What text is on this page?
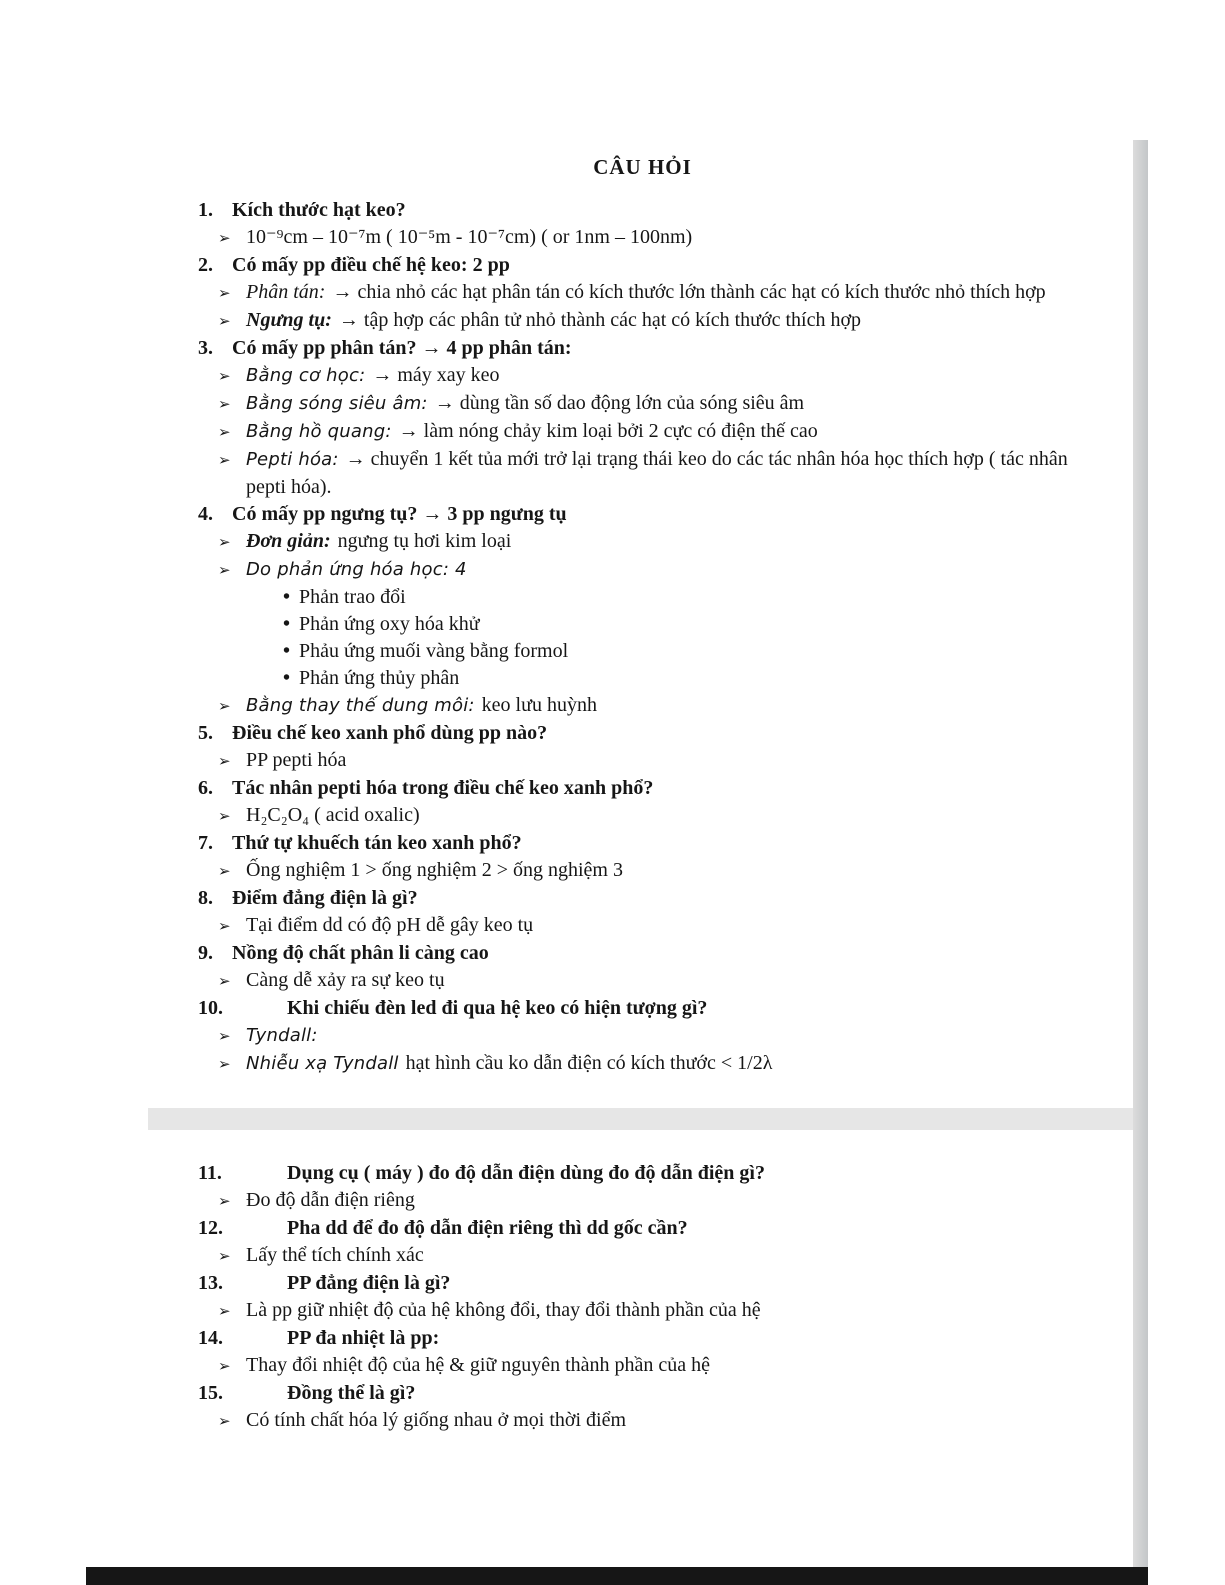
CÂU HỎI
1. Kích thước hạt keo?
➢ 10⁻⁹cm – 10⁻⁷m ( 10⁻⁵m - 10⁻⁷cm) ( or 1nm – 100nm)
2. Có mấy pp điều chế hệ keo: 2 pp
➢ Phân tán: → chia nhỏ các hạt phân tán có kích thước lớn thành các hạt có kích thước nhỏ thích hợp
➢ Ngưng tụ: → tập hợp các phân tử nhỏ thành các hạt có kích thước thích hợp
3. Có mấy pp phân tán? → 4 pp phân tán:
➢ Bằng cơ học: → máy xay keo
➢ Bằng sóng siêu âm: → dùng tần số dao động lớn của sóng siêu âm
➢ Bằng hồ quang: → làm nóng chảy kim loại bởi 2 cực có điện thế cao
➢ Pepti hóa: → chuyển 1 kết tủa mới trở lại trạng thái keo do các tác nhân hóa học thích hợp ( tác nhân pepti hóa).
4. Có mấy pp ngưng tụ? → 3 pp ngưng tụ
➢ Đơn giản: ngưng tụ hơi kim loại
➢ Do phản ứng hóa học: 4
• Phản trao đổi
• Phản ứng oxy hóa khử
• Phảu ứng muối vàng bằng formol
• Phản ứng thủy phân
➢ Bằng thay thế dung môi: keo lưu huỳnh
5. Điều chế keo xanh phổ dùng pp nào?
➢ PP pepti hóa
6. Tác nhân pepti hóa trong điều chế keo xanh phổ?
➢ H₂C₂O₄ ( acid oxalic)
7. Thứ tự khuếch tán keo xanh phổ?
➢ Ống nghiệm 1 > ống nghiệm 2 > ống nghiệm 3
8. Điểm đẳng điện là gì?
➢ Tại điểm dd có độ pH dễ gây keo tụ
9. Nồng độ chất phân li càng cao
➢ Càng dễ xảy ra sự keo tụ
10.	Khi chiếu đèn led đi qua hệ keo có hiện tượng gì?
➢ Tyndall:
➢ Nhiễu xạ Tyndall hạt hình cầu ko dẫn điện có kích thước < 1/2λ
11.	Dụng cụ ( máy ) đo độ dẫn điện dùng đo độ dẫn điện gì?
➢ Đo độ dẫn điện riêng
12.	Pha dd để đo độ dẫn điện riêng thì dd gốc cần?
➢ Lấy thể tích chính xác
13.	PP đẳng điện là gì?
➢ Là pp giữ nhiệt độ của hệ không đổi, thay đổi thành phần của hệ
14.	PP đa nhiệt là pp:
➢ Thay đổi nhiệt độ của hệ & giữ nguyên thành phần của hệ
15.	Đồng thể là gì?
➢ Có tính chất hóa lý giống nhau ở mọi thời điểm
